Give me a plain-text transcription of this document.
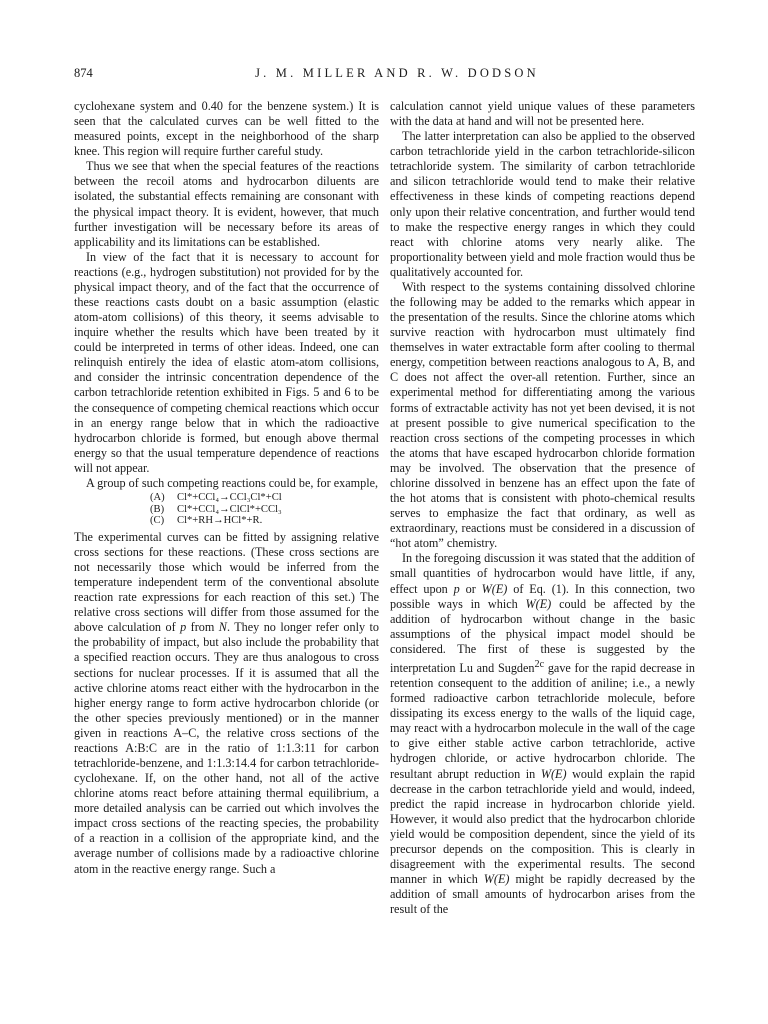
874	J. M. MILLER AND R. W. DODSON

cyclohexane system and 0.40 for the benzene system.) It is seen that the calculated curves can be well fitted to the measured points, except in the neighborhood of the sharp knee. This region will require further careful study.

Thus we see that when the special features of the reactions between the recoil atoms and hydrocarbon diluents are isolated, the substantial effects remaining are consonant with the physical impact theory. It is evident, however, that much further investigation will be necessary before its areas of applicability and its limitations can be established.

In view of the fact that it is necessary to account for reactions (e.g., hydrogen substitution) not provided for by the physical impact theory, and of the fact that the occurrence of these reactions casts doubt on a basic assumption (elastic atom-atom collisions) of this theory, it seems advisable to inquire whether the results which have been treated by it could be interpreted in terms of other ideas. Indeed, one can relinquish entirely the idea of elastic atom-atom collisions, and consider the intrinsic concentration dependence of the carbon tetrachloride retention exhibited in Figs. 5 and 6 to be the consequence of competing chemical reactions which occur in an energy range below that in which the radioactive hydrocarbon chloride is formed, but enough above thermal energy so that the usual temperature dependence of reactions will not appear.

A group of such competing reactions could be, for example,

(A)	Cl*+CCl₄→CCl₃Cl*+Cl
(B)	Cl*+CCl₄→ClCl*+CCl₃
(C)	Cl*+RH→HCl*+R.

The experimental curves can be fitted by assigning relative cross sections for these reactions. (These cross sections are not necessarily those which would be inferred from the temperature independent term of the conventional absolute reaction rate expressions for each reaction of this set.) The relative cross sections will differ from those assumed for the above calculation of p from N. They no longer refer only to the probability of impact, but also include the probability that a specified reaction occurs. They are thus analogous to cross sections for nuclear processes. If it is assumed that all the active chlorine atoms react either with the hydrocarbon in the higher energy range to form active hydrocarbon chloride (or the other species previously mentioned) or in the manner given in reactions A–C, the relative cross sections of the reactions A:B:C are in the ratio of 1:1.3:11 for carbon tetrachloride-benzene, and 1:1.3:14.4 for carbon tetrachloride-cyclohexane. If, on the other hand, not all of the active chlorine atoms react before attaining thermal equilibrium, a more detailed analysis can be carried out which involves the impact cross sections of the reacting species, the probability of a reaction in a collision of the appropriate kind, and the average number of collisions made by a radioactive chlorine atom in the reactive energy range. Such a

calculation cannot yield unique values of these parameters with the data at hand and will not be presented here.

The latter interpretation can also be applied to the observed carbon tetrachloride yield in the carbon tetrachloride-silicon tetrachloride system. The similarity of carbon tetrachloride and silicon tetrachloride would tend to make their relative effectiveness in these kinds of competing reactions depend only upon their relative concentration, and further would tend to make the respective energy ranges in which they could react with chlorine atoms very nearly alike. The proportionality between yield and mole fraction would thus be qualitatively accounted for.

With respect to the systems containing dissolved chlorine the following may be added to the remarks which appear in the presentation of the results. Since the chlorine atoms which survive reaction with hydrocarbon must ultimately find themselves in water extractable form after cooling to thermal energy, competition between reactions analogous to A, B, and C does not affect the over-all retention. Further, since an experimental method for differentiating among the various forms of extractable activity has not yet been devised, it is not at present possible to give numerical specification to the reaction cross sections of the competing processes in which the atoms that have escaped hydrocarbon chloride formation may be involved. The observation that the presence of chlorine dissolved in benzene has an effect upon the fate of the hot atoms that is consistent with photo-chemical results serves to emphasize the fact that ordinary, as well as extraordinary, reactions must be considered in a discussion of “hot atom” chemistry.

In the foregoing discussion it was stated that the addition of small quantities of hydrocarbon would have little, if any, effect upon p or W(E) of Eq. (1). In this connection, two possible ways in which W(E) could be affected by the addition of hydrocarbon without change in the basic assumptions of the physical impact model should be considered. The first of these is suggested by the interpretation Lu and Sugden$^{2c}$ gave for the rapid decrease in retention consequent to the addition of aniline; i.e., a newly formed radioactive carbon tetrachloride molecule, before dissipating its excess energy to the walls of the liquid cage, may react with a hydrocarbon molecule in the wall of the cage to give either stable active carbon tetrachloride, active hydrogen chloride, or active hydrocarbon chloride. The resultant abrupt reduction in W(E) would explain the rapid decrease in the carbon tetrachloride yield and would, indeed, predict the rapid increase in hydrocarbon chloride yield. However, it would also predict that the hydrocarbon chloride yield would be composition dependent, since the yield of its precursor depends on the composition. This is clearly in disagreement with the experimental results. The second manner in which W(E) might be rapidly decreased by the addition of small amounts of hydrocarbon arises from the result of the
